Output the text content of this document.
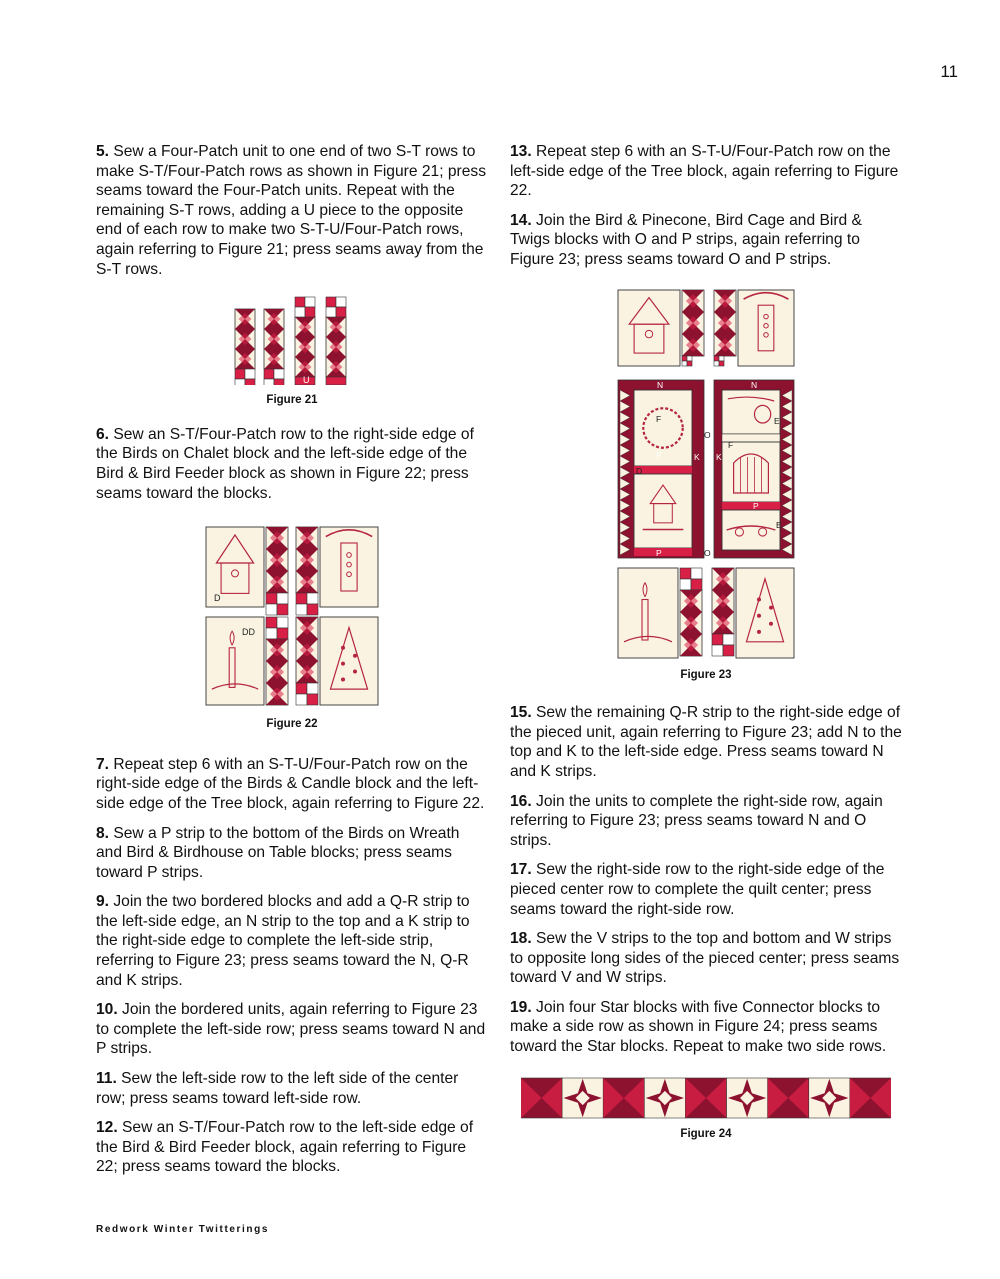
11

5. Sew a Four-Patch unit to one end of two S-T rows to make S-T/Four-Patch rows as shown in Figure 21; press seams toward the Four-Patch units. Repeat with the remaining S-T rows, adding a U piece to the opposite end of each row to make two S-T-U/Four-Patch rows, again referring to Figure 21; press seams away from the S-T rows.

U
Figure 21

6. Sew an S-T/Four-Patch row to the right-side edge of the Birds on Chalet block and the left-side edge of the Bird & Bird Feeder block as shown in Figure 22; press seams toward the blocks.

D
DD
Figure 22

7. Repeat step 6 with an S-T-U/Four-Patch row on the right-side edge of the Birds & Candle block and the left-side edge of the Tree block, again referring to Figure 22.

8. Sew a P strip to the bottom of the Birds on Wreath and Bird & Birdhouse on Table blocks; press seams toward P strips.

9. Join the two bordered blocks and add a Q-R strip to the left-side edge, an N strip to the top and a K strip to the right-side edge to complete the left-side strip, referring to Figure 23; press seams toward the N, Q-R and K strips.

10. Join the bordered units, again referring to Figure 23 to complete the left-side row; press seams toward N and P strips.

11. Sew the left-side row to the left side of the center row; press seams toward left-side row.

12. Sew an S-T/Four-Patch row to the left-side edge of the Bird & Bird Feeder block, again referring to Figure 22; press seams toward the blocks.

13. Repeat step 6 with an S-T-U/Four-Patch row on the left-side edge of the Tree block, again referring to Figure 22.

14. Join the Bird & Pinecone, Bird Cage and Bird & Twigs blocks with O and P strips, again referring to Figure 23; press seams toward O and P strips.

N	N
F
F
D
P
P
P
K K
O
O
E
E
Figure 23

15. Sew the remaining Q-R strip to the right-side edge of the pieced unit, again referring to Figure 23; add N to the top and K to the left-side edge. Press seams toward N and K strips.

16. Join the units to complete the right-side row, again referring to Figure 23; press seams toward N and O strips.

17. Sew the right-side row to the right-side edge of the pieced center row to complete the quilt center; press seams toward the right-side row.

18. Sew the V strips to the top and bottom and W strips to opposite long sides of the pieced center; press seams toward V and W strips.

19. Join four Star blocks with five Connector blocks to make a side row as shown in Figure 24; press seams toward the Star blocks. Repeat to make two side rows.

Figure 24
Redwork Winter Twitterings
